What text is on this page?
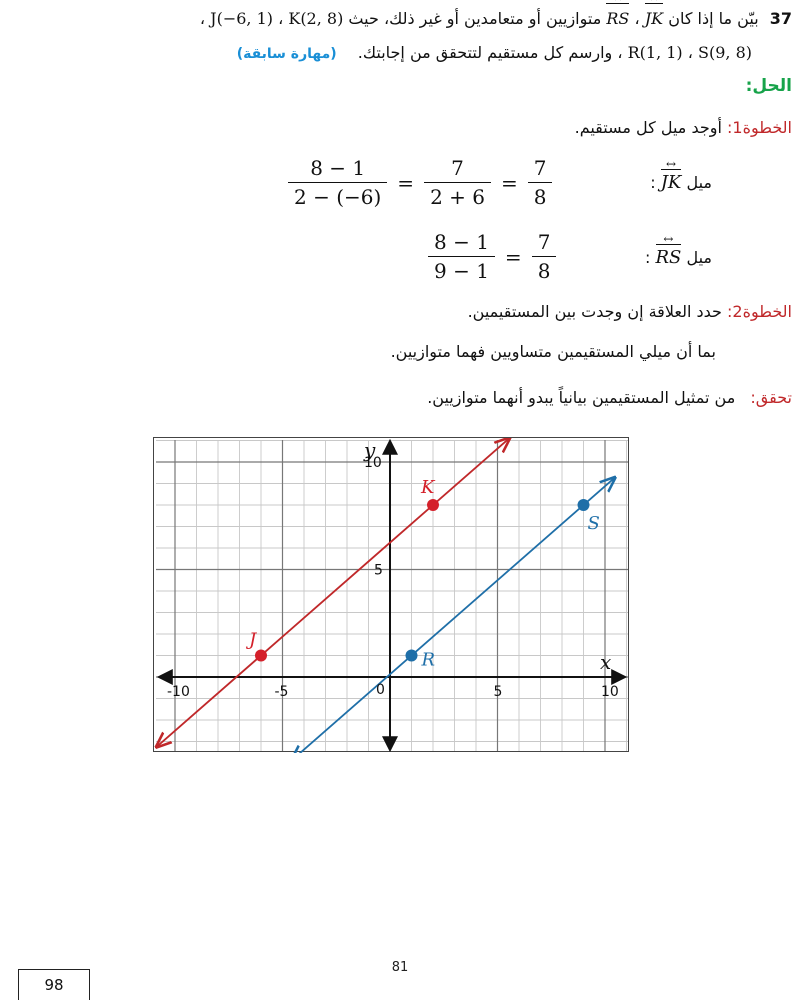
37 بيّن ما إذا كان JK ↔ ، RS ↔ متوازيين أو متعامدين أو غير ذلك، حيث K(2, 8) ، J(−6, 1) ،
S(9, 8) ، R(1, 1) ، وارسم كل مستقيم لتتحقق من إجابتك. (مهارة سابقة)
الحل:
الخطوة1: أوجد ميل كل مستقيم.
ميل JK ↔ :
$\frac{8 - 1}{2 - (-6)} = \frac{7}{2 + 6} = \frac{7}{8}$
ميل RS ↔ :
$\frac{8 - 1}{9 - 1} = \frac{7}{8}$
الخطوة2: حدد العلاقة إن وجدت بين المستقيمين.
بما أن ميلي المستقيمين متساويين فهما متوازيين.
تحقق: من تمثيل المستقيمين بيانياً يبدو أنهما متوازيين.
-10	-5	5	10
5
10
J
K
R
S
x
y
0
81
98
